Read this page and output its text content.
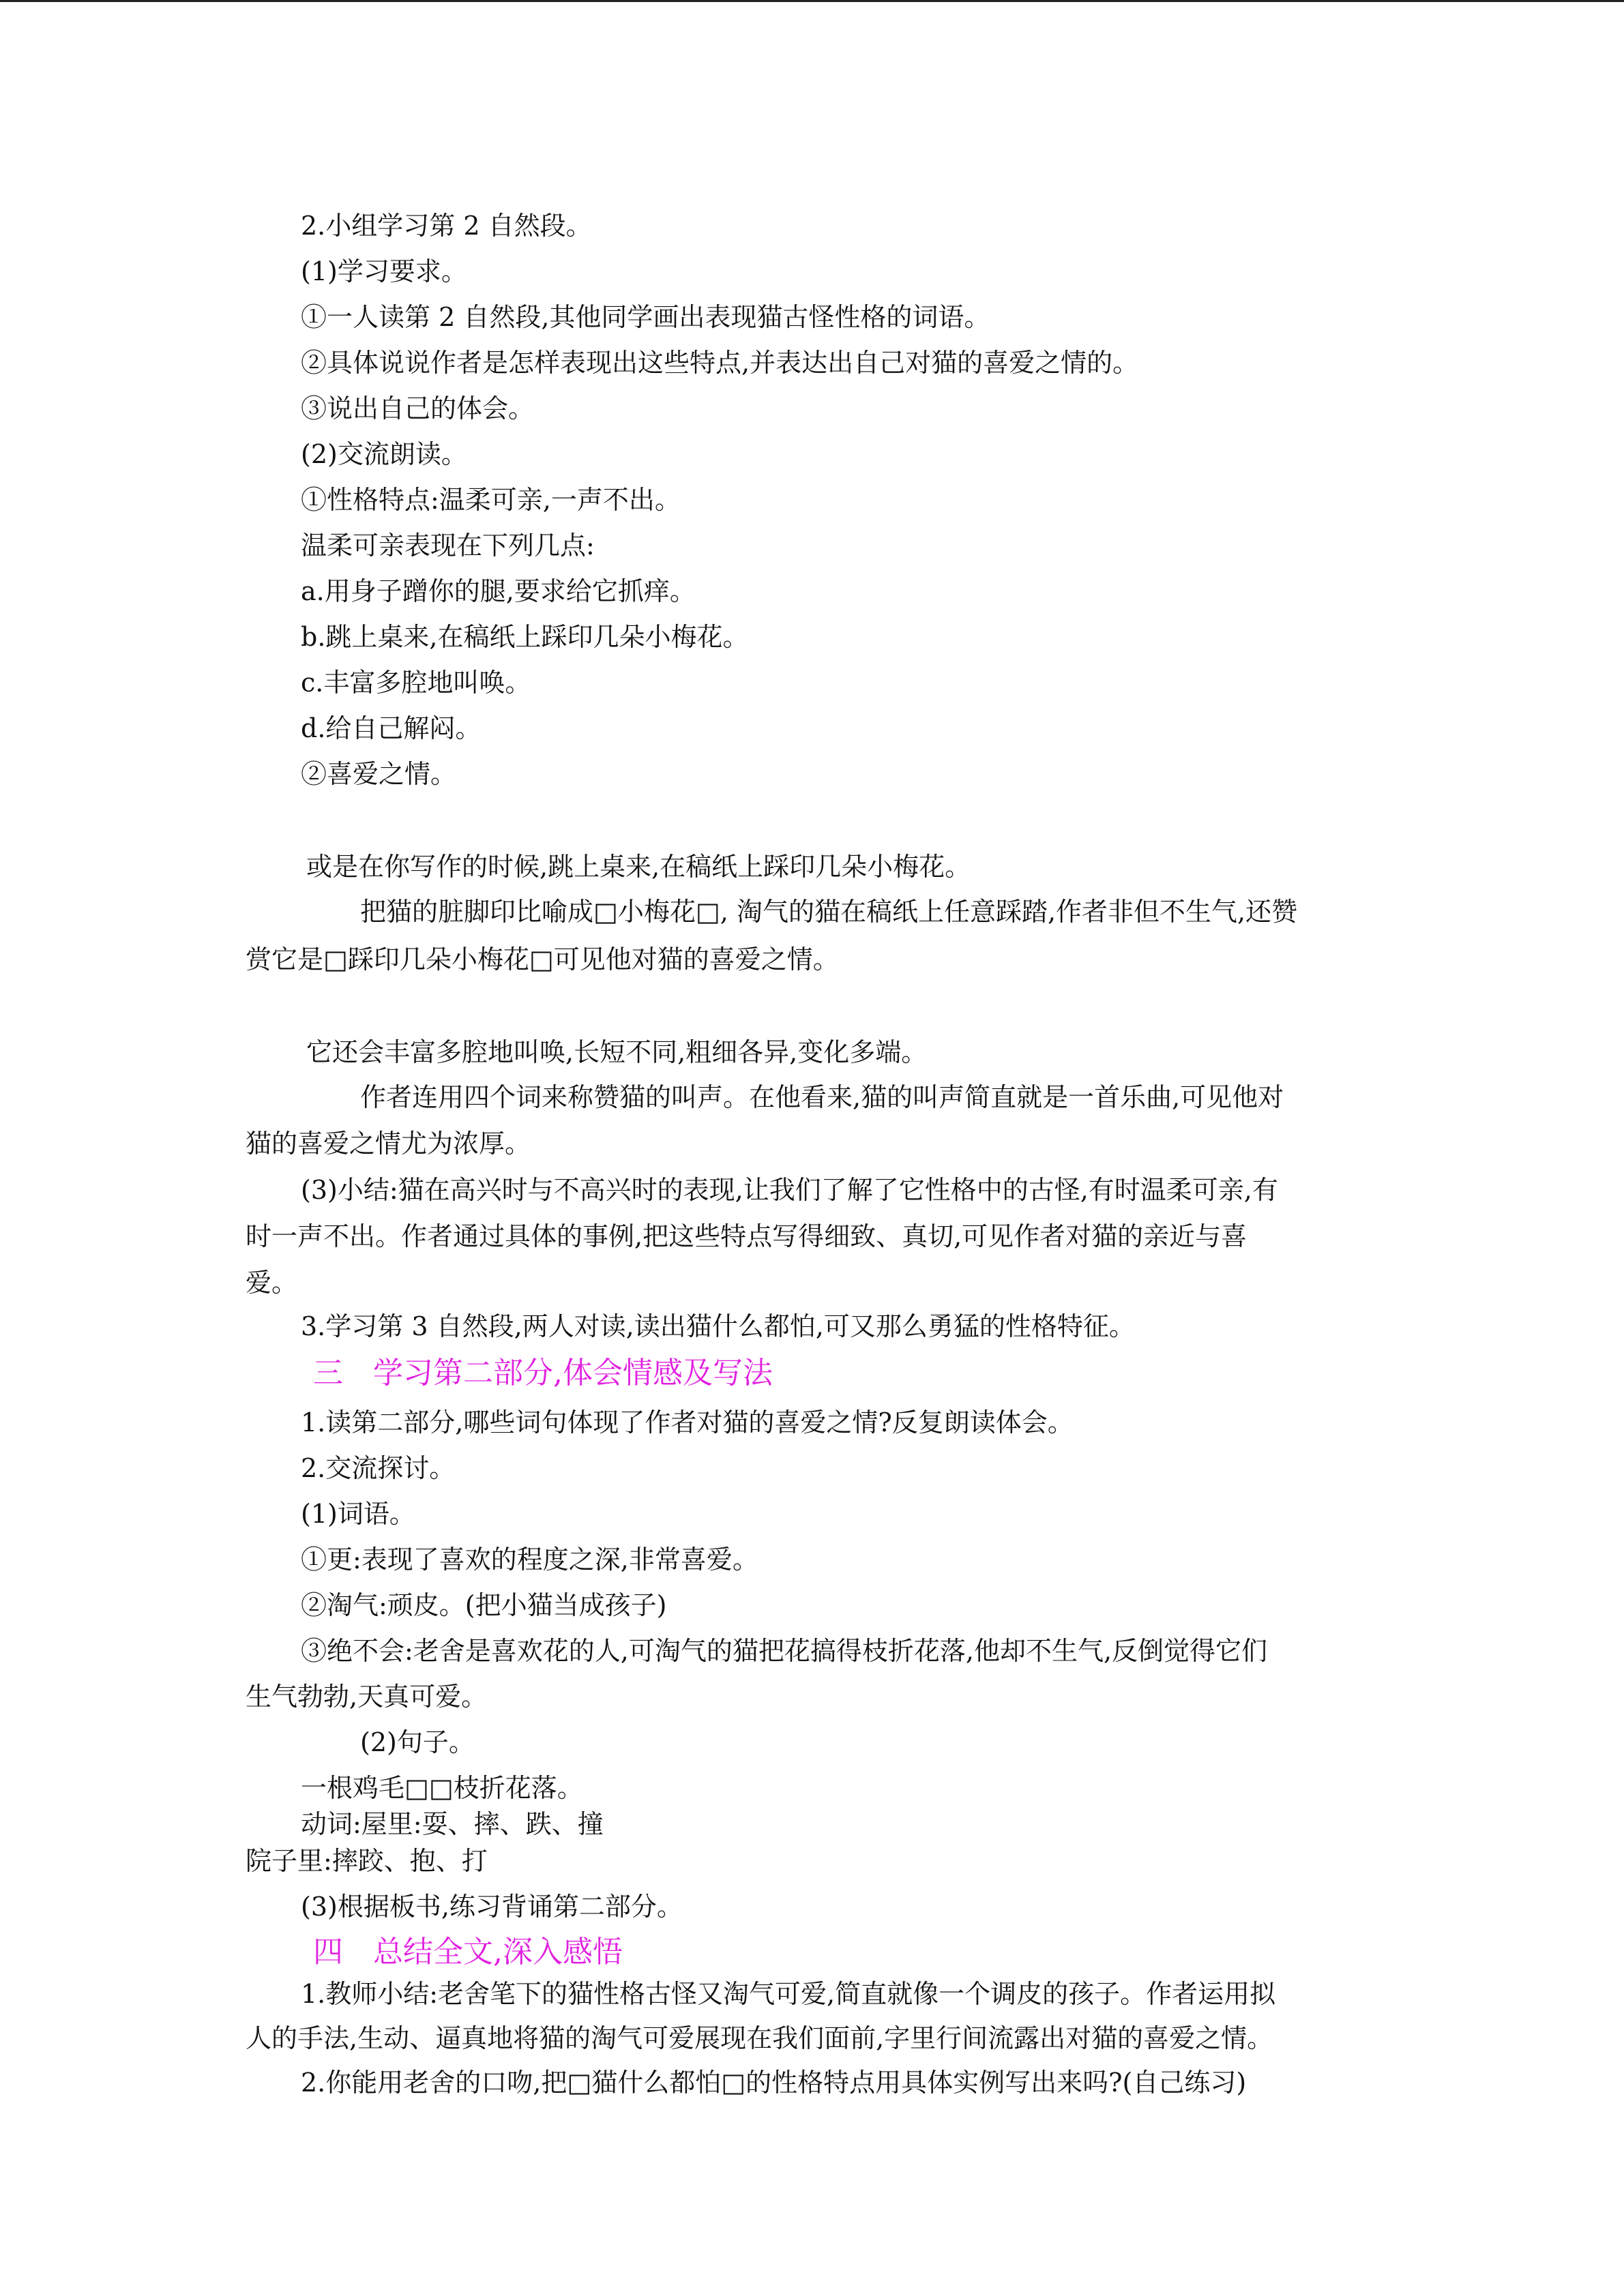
2.小组学习第 2 自然段。
(1)学习要求。
①一人读第 2 自然段,其他同学画出表现猫古怪性格的词语。
②具体说说作者是怎样表现出这些特点,并表达出自己对猫的喜爱之情的。
③说出自己的体会。
(2)交流朗读。
①性格特点:温柔可亲,一声不出。
温柔可亲表现在下列几点:
a.用身子蹭你的腿,要求给它抓痒。
b.跳上桌来,在稿纸上踩印几朵小梅花。
c.丰富多腔地叫唤。
d.给自己解闷。
②喜爱之情。
或是在你写作的时候,跳上桌来,在稿纸上踩印几朵小梅花。
把猫的脏脚印比喻成□小梅花□, 淘气的猫在稿纸上任意踩踏,作者非但不生气,还赞
赏它是□踩印几朵小梅花□可见他对猫的喜爱之情。
它还会丰富多腔地叫唤,长短不同,粗细各异,变化多端。
作者连用四个词来称赞猫的叫声。在他看来,猫的叫声简直就是一首乐曲,可见他对
猫的喜爱之情尤为浓厚。
(3)小结:猫在高兴时与不高兴时的表现,让我们了解了它性格中的古怪,有时温柔可亲,有
时一声不出。作者通过具体的事例,把这些特点写得细致、真切,可见作者对猫的亲近与喜
爱。
3.学习第 3 自然段,两人对读,读出猫什么都怕,可又那么勇猛的性格特征。
三　学习第二部分,体会情感及写法
1.读第二部分,哪些词句体现了作者对猫的喜爱之情?反复朗读体会。
2.交流探讨。
(1)词语。
①更:表现了喜欢的程度之深,非常喜爱。
②淘气:顽皮。(把小猫当成孩子)
③绝不会:老舍是喜欢花的人,可淘气的猫把花搞得枝折花落,他却不生气,反倒觉得它们
生气勃勃,天真可爱。
(2)句子。
一根鸡毛□□枝折花落。
动词:屋里:耍、摔、跌、撞
院子里:摔跤、抱、打
(3)根据板书,练习背诵第二部分。
四　总结全文,深入感悟
1.教师小结:老舍笔下的猫性格古怪又淘气可爱,简直就像一个调皮的孩子。作者运用拟
人的手法,生动、逼真地将猫的淘气可爱展现在我们面前,字里行间流露出对猫的喜爱之情。
2.你能用老舍的口吻,把□猫什么都怕□的性格特点用具体实例写出来吗?(自己练习)
